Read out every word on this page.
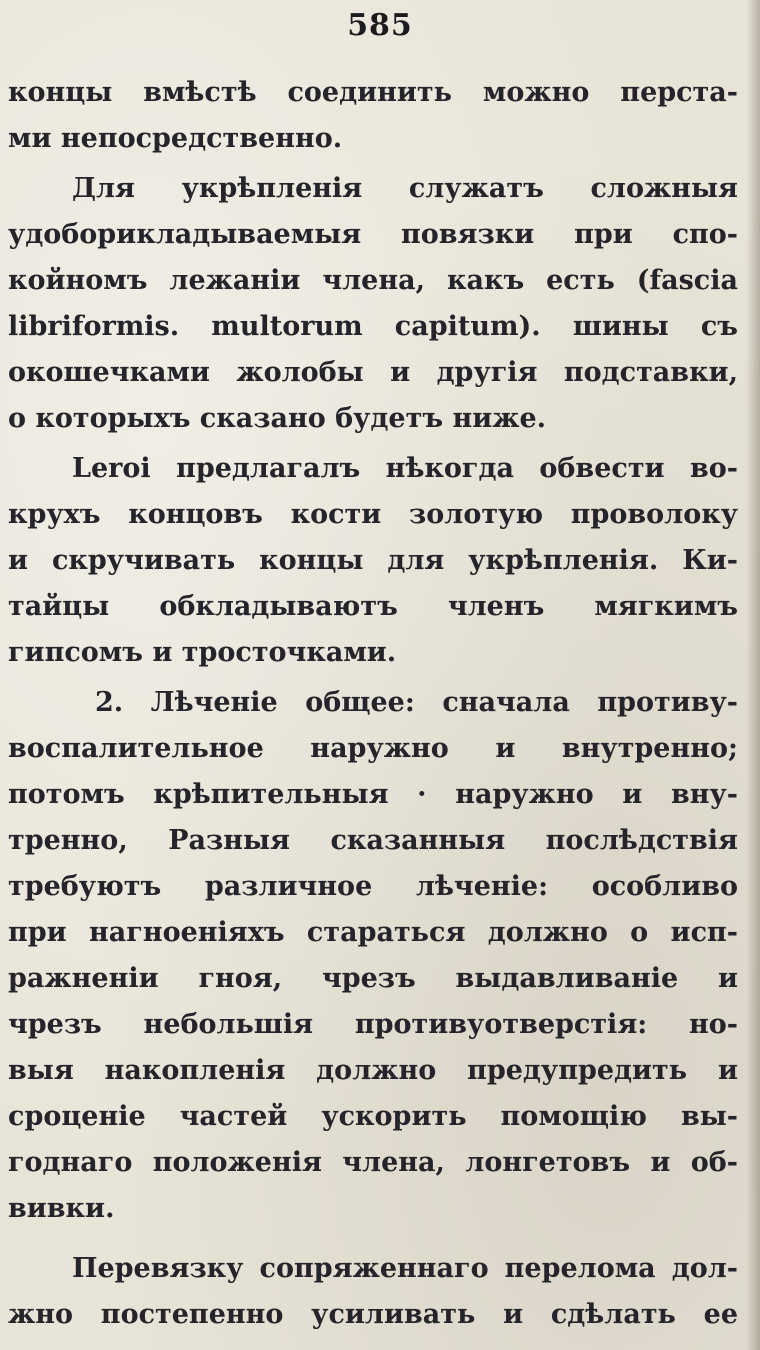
585
концы вмѣстѣ соединить можно перста-
ми непосредственно.
Для укрѣпленія служатъ сложныя
удоборикладываемыя повязки при спо-
койномъ лежаніи члена, какъ есть (fascia
libriformis. multorum capitum). шины съ
окошечками жолобы и другія подставки,
о которыхъ сказано будетъ ниже.
Leroi предлагалъ нѣкогда обвести во-
крухъ концовъ кости золотую проволоку
и скручивать концы для укрѣпленія. Ки-
тайцы обкладываютъ членъ мягкимъ
гипсомъ и тросточками.
2. Лѣченіе общее: сначала противу-
воспалительное наружно и внутренно;
потомъ крѣпительныя · наружно и вну-
тренно, Разныя сказанныя послѣдствія
требуютъ различное лѣченіе: особливо
при нагноеніяхъ стараться должно о исп-
ражненіи гноя, чрезъ выдавливаніе и
чрезъ небольшія противуотверстія: но-
выя накопленія должно предупредить и
сроценіе частей ускорить помощію вы-
годнаго положенія члена, лонгетовъ и об-
вивки.
Перевязку сопряженнаго перелома дол-
жно постепенно усиливать и сдѣлать ее
